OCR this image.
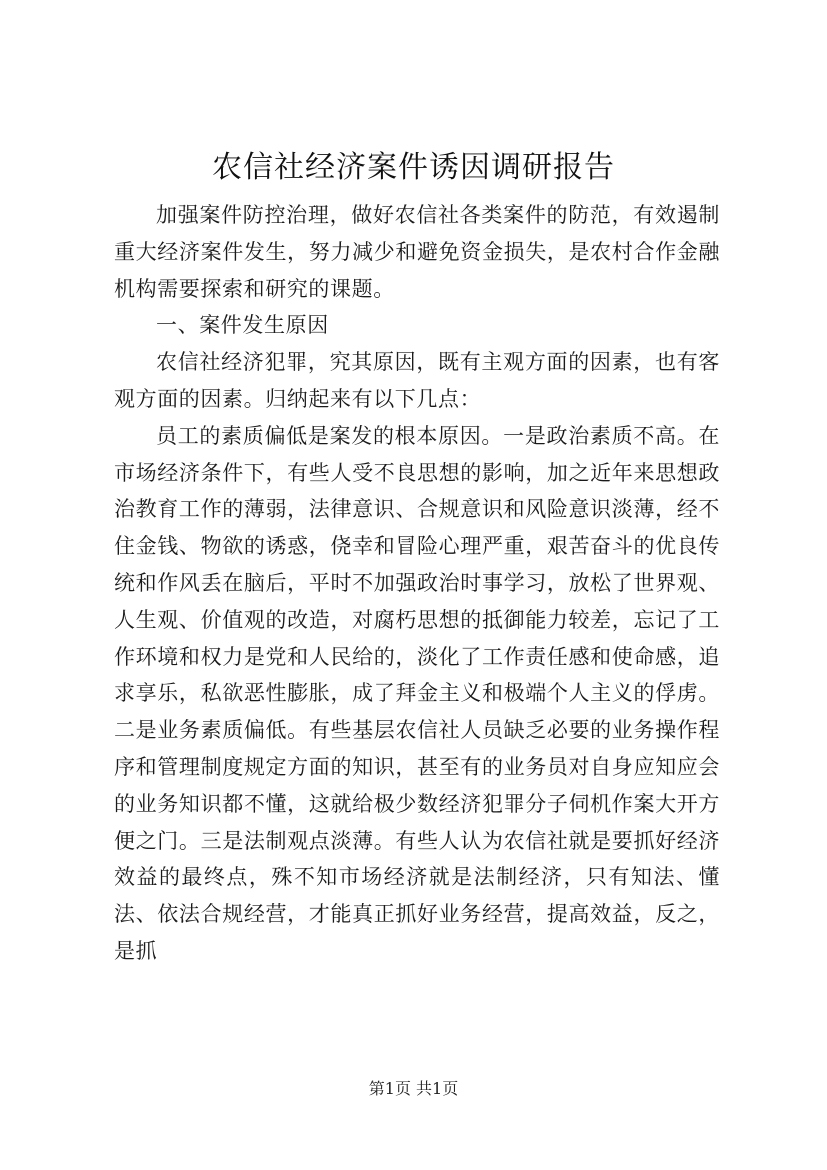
农信社经济案件诱因调研报告

加强案件防控治理，做好农信社各类案件的防范，有效遏制重大经济案件发生，努力减少和避免资金损失，是农村合作金融机构需要探索和研究的课题。

一、案件发生原因

农信社经济犯罪，究其原因，既有主观方面的因素，也有客观方面的因素。归纳起来有以下几点：

员工的素质偏低是案发的根本原因。一是政治素质不高。在市场经济条件下，有些人受不良思想的影响，加之近年来思想政治教育工作的薄弱，法律意识、合规意识和风险意识淡薄，经不住金钱、物欲的诱惑，侥幸和冒险心理严重，艰苦奋斗的优良传统和作风丢在脑后，平时不加强政治时事学习，放松了世界观、人生观、价值观的改造，对腐朽思想的抵御能力较差，忘记了工作环境和权力是党和人民给的，淡化了工作责任感和使命感，追求享乐，私欲恶性膨胀，成了拜金主义和极端个人主义的俘虏。二是业务素质偏低。有些基层农信社人员缺乏必要的业务操作程序和管理制度规定方面的知识，甚至有的业务员对自身应知应会的业务知识都不懂，这就给极少数经济犯罪分子伺机作案大开方便之门。三是法制观点淡薄。有些人认为农信社就是要抓好经济效益的最终点，殊不知市场经济就是法制经济，只有知法、懂法、依法合规经营，才能真正抓好业务经营，提高效益，反之，是抓

第1页 共1页
